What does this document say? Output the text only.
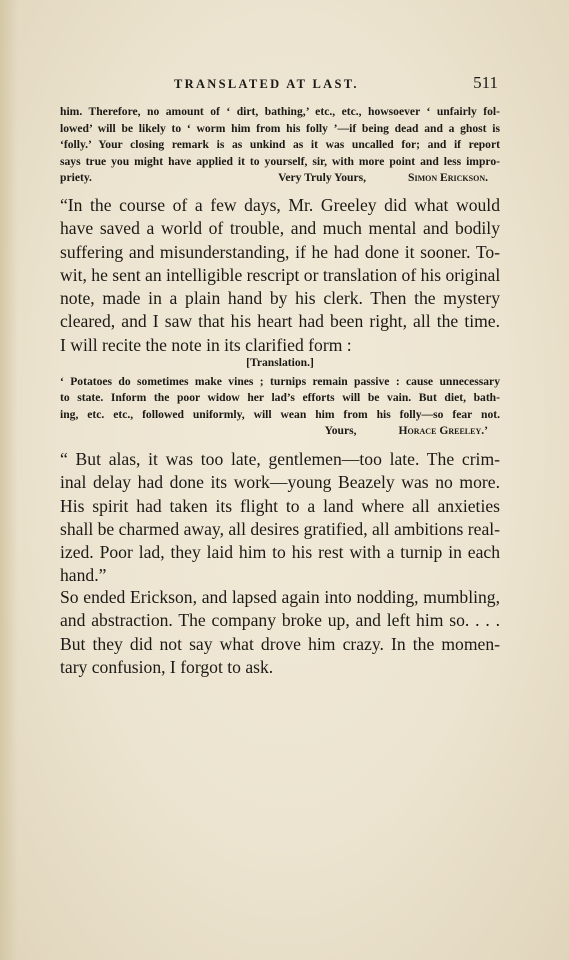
TRANSLATED AT LAST.	511
him. Therefore, no amount of ‘ dirt, bathing,’ etc., etc., howsoever ‘ unfairly fol-
lowed’ will be likely to ‘ worm him from his folly ’—if being dead and a ghost is
‘folly.’ Your closing remark is as unkind as it was uncalled for; and if report
says true you might have applied it to yourself, sir, with more point and less impro-
priety.	Very Truly Yours,	Simon Erickson.
“In the course of a few days, Mr. Greeley did what would
have saved a world of trouble, and much mental and bodily
suffering and misunderstanding, if he had done it sooner. To-
wit, he sent an intelligible rescript or translation of his original
note, made in a plain hand by his clerk. Then the mystery
cleared, and I saw that his heart had been right, all the time.
I will recite the note in its clarified form :
[Translation.]
‘ Potatoes do sometimes make vines ; turnips remain passive : cause unnecessary
to state. Inform the poor widow her lad’s efforts will be vain. But diet, bath-
ing, etc. etc., followed uniformly, will wean him from his folly—so fear not.
Yours,	Horace Greeley.’
“ But alas, it was too late, gentlemen—too late. The crim-
inal delay had done its work—young Beazely was no more.
His spirit had taken its flight to a land where all anxieties
shall be charmed away, all desires gratified, all ambitions real-
ized. Poor lad, they laid him to his rest with a turnip in each
hand.”
So ended Erickson, and lapsed again into nodding, mumbling,
and abstraction. The company broke up, and left him so. . . .
But they did not say what drove him crazy. In the momen-
tary confusion, I forgot to ask.
